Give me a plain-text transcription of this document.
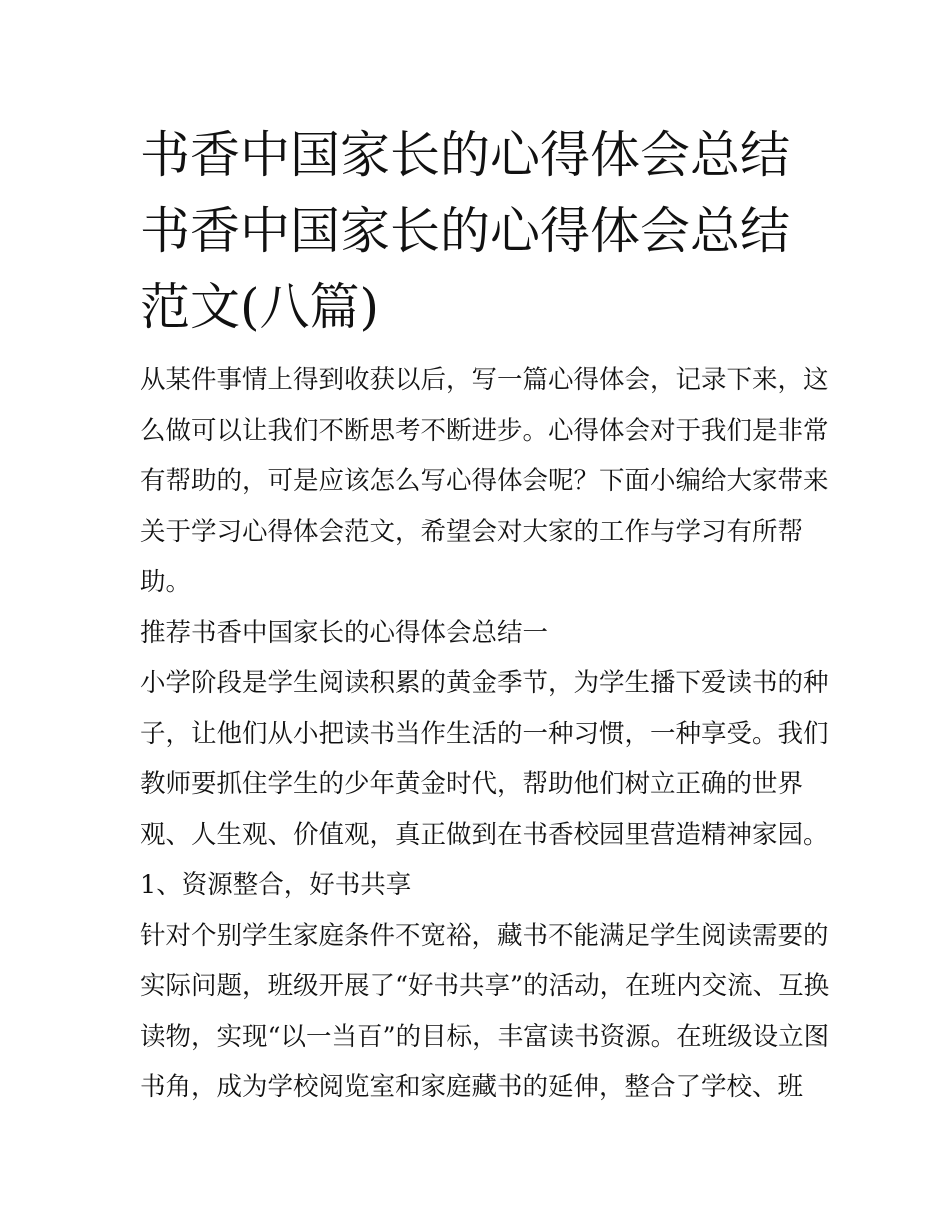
书香中国家长的心得体会总结
书香中国家长的心得体会总结
范文(八篇)

从某件事情上得到收获以后，写一篇心得体会，记录下来，这
么做可以让我们不断思考不断进步。心得体会对于我们是非常
有帮助的，可是应该怎么写心得体会呢？下面小编给大家带来
关于学习心得体会范文，希望会对大家的工作与学习有所帮
助。

推荐书香中国家长的心得体会总结一

小学阶段是学生阅读积累的黄金季节，为学生播下爱读书的种
子，让他们从小把读书当作生活的一种习惯，一种享受。我们
教师要抓住学生的少年黄金时代，帮助他们树立正确的世界
观、人生观、价值观，真正做到在书香校园里营造精神家园。

1、资源整合，好书共享

针对个别学生家庭条件不宽裕，藏书不能满足学生阅读需要的
实际问题，班级开展了“好书共享”的活动，在班内交流、互换
读物，实现“以一当百”的目标，丰富读书资源。在班级设立图
书角，成为学校阅览室和家庭藏书的延伸，整合了学校、班
